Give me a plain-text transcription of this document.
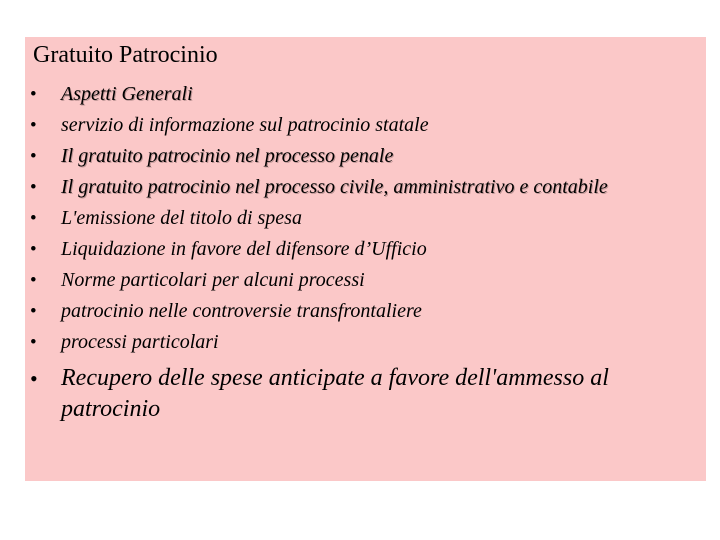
Gratuito Patrocinio
• Aspetti Generali
• servizio di informazione sul patrocinio statale
• Il gratuito patrocinio nel processo penale
• Il gratuito patrocinio nel processo civile, amministrativo e contabile
• L'emissione del titolo di spesa
• Liquidazione in favore del difensore d’Ufficio
• Norme particolari per alcuni processi
• patrocinio nelle controversie transfrontaliere
• processi particolari
• Recupero delle spese anticipate a favore dell'ammesso al patrocinio
